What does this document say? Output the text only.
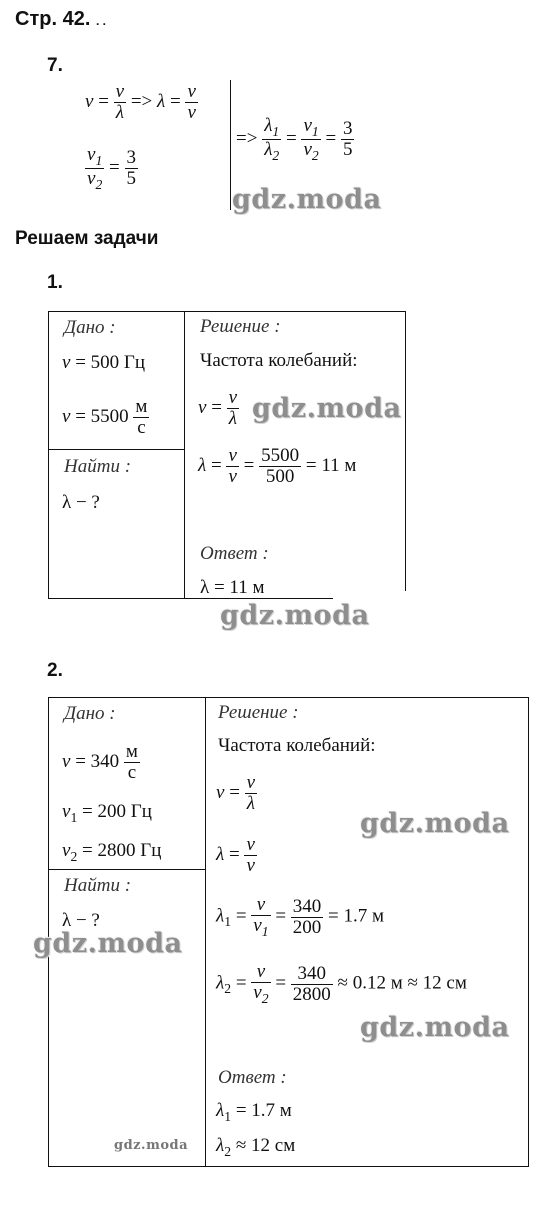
Стр. 42. . .
7.
$\nu = \frac{v}{\lambda} => \lambda = \frac{v}{\nu}$
$\frac{v_1}{v_2} = \frac{3}{5}$
=> $\frac{\lambda_1}{\lambda_2} = \frac{v_1}{v_2} = \frac{3}{5}$
gdz.moda
Решаем задачи
1.
Дано :
ν = 500 Гц
$v = 5500 \frac{м}{с}$
Найти :
λ − ?
Решение :
Частота колебаний:
$\nu = \frac{v}{\lambda}$ gdz.moda
$\lambda = \frac{v}{\nu} = \frac{5500}{500} = 11$ м
Ответ :
λ = 11 м
gdz.moda
2.
Дано :
$v = 340 \frac{м}{с}$
$\nu_1 = 200$ Гц
$\nu_2 = 2800$ Гц
Найти :
λ − ?
gdz.moda
gdz.moda
Решение :
Частота колебаний:
$\nu = \frac{v}{\lambda}$
gdz.moda
$\lambda = \frac{v}{\nu}$
$\lambda_1 = \frac{v}{\nu_1} = \frac{340}{200} = 1.7$ м
$\lambda_2 = \frac{v}{\nu_2} = \frac{340}{2800} \approx 0.12$ м ≈ 12 см
gdz.moda
Ответ :
$\lambda_1 = 1.7$ м
$\lambda_2 \approx 12$ см
